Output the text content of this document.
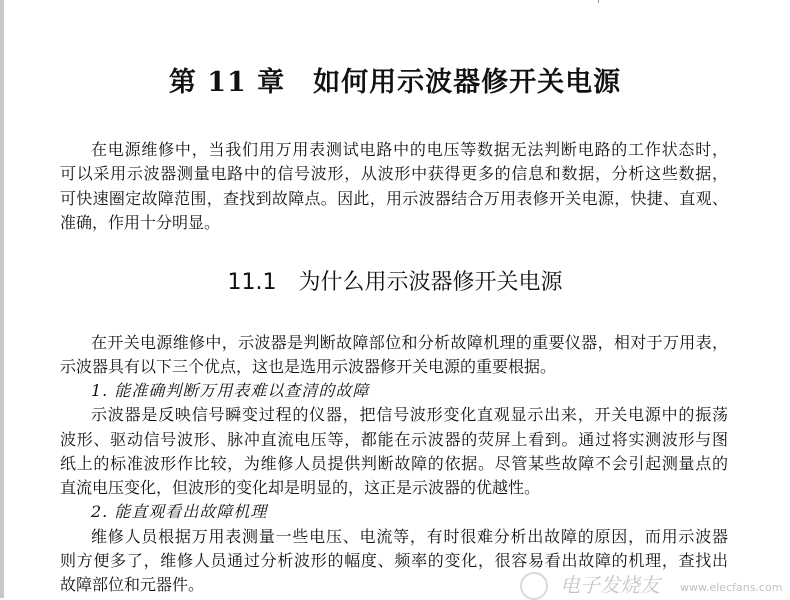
第 11 章　如何用示波器修开关电源
在电源维修中，当我们用万用表测试电路中的电压等数据无法判断电路的工作状态时，
可以采用示波器测量电路中的信号波形，从波形中获得更多的信息和数据，分析这些数据，
可快速圈定故障范围，查找到故障点。因此，用示波器结合万用表修开关电源，快捷、直观、
准确，作用十分明显。
11.1　为什么用示波器修开关电源
在开关电源维修中，示波器是判断故障部位和分析故障机理的重要仪器，相对于万用表，
示波器具有以下三个优点，这也是选用示波器修开关电源的重要根据。
1. 能准确判断万用表难以查清的故障
示波器是反映信号瞬变过程的仪器，把信号波形变化直观显示出来，开关电源中的振荡
波形、驱动信号波形、脉冲直流电压等，都能在示波器的荧屏上看到。通过将实测波形与图
纸上的标准波形作比较，为维修人员提供判断故障的依据。尽管某些故障不会引起测量点的
直流电压变化，但波形的变化却是明显的，这正是示波器的优越性。
2. 能直观看出故障机理
维修人员根据万用表测量一些电压、电流等，有时很难分析出故障的原因，而用示波器
则方便多了，维修人员通过分析波形的幅度、频率的变化，很容易看出故障的机理，查找出
故障部位和元器件。	电子发烧友 www.elecfans.com
